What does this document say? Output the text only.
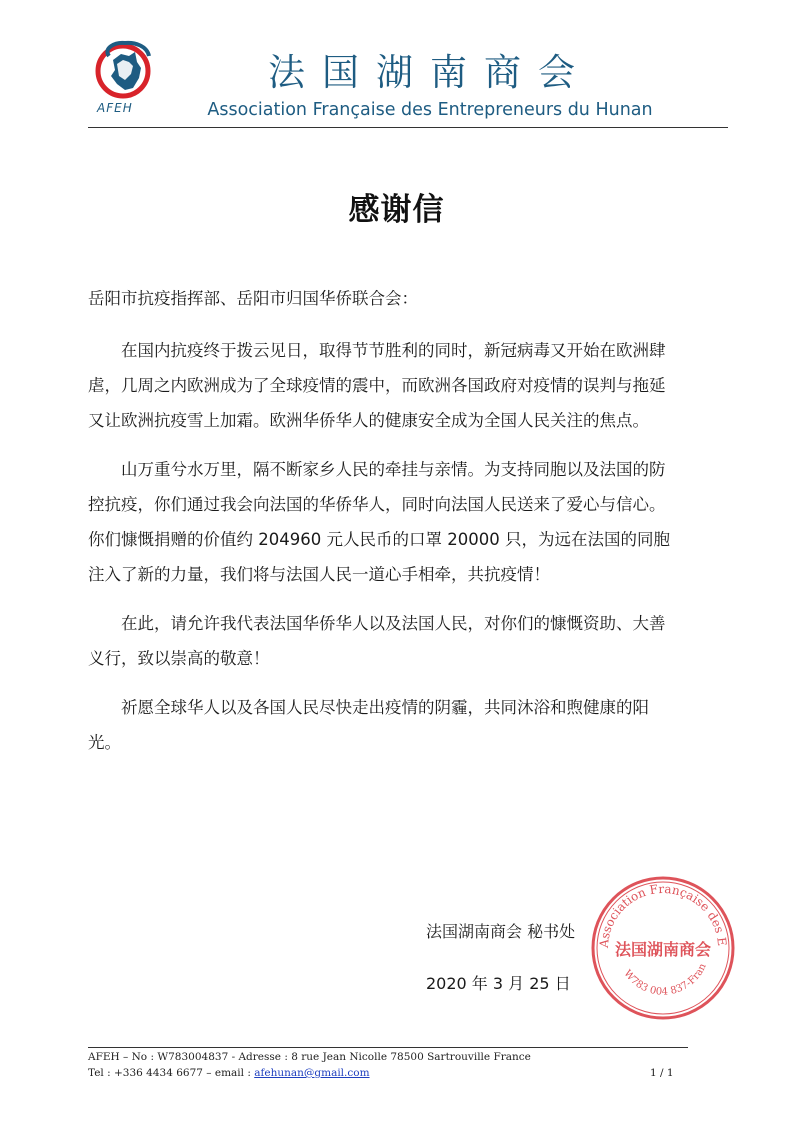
AFEH
法国湖南商会
Association Française des Entrepreneurs du Hunan
感谢信
岳阳市抗疫指挥部、岳阳市归国华侨联合会：

在国内抗疫终于拨云见日，取得节节胜利的同时，新冠病毒又开始在欧洲肆
虐，几周之内欧洲成为了全球疫情的震中，而欧洲各国政府对疫情的误判与拖延
又让欧洲抗疫雪上加霜。欧洲华侨华人的健康安全成为全国人民关注的焦点。

山万重兮水万里，隔不断家乡人民的牵挂与亲情。为支持同胞以及法国的防
控抗疫，你们通过我会向法国的华侨华人，同时向法国人民送来了爱心与信心。
你们慷慨捐赠的价值约 204960 元人民币的口罩 20000 只，为远在法国的同胞
注入了新的力量，我们将与法国人民一道心手相牵，共抗疫情！

在此，请允许我代表法国华侨华人以及法国人民，对你们的慷慨资助、大善
义行，致以崇高的敬意！

祈愿全球华人以及各国人民尽快走出疫情的阴霾，共同沐浴和煦健康的阳
光。

法国湖南商会 秘书处
2020 年 3 月 25 日
Association Française des E
法国湖南商会
W783 004 837-Fran
AFEH – No : W783004837 - Adresse : 8 rue Jean Nicolle 78500 Sartrouville France
Tel : +336 4434 6677 – email : afehunan@gmail.com	1 / 1
